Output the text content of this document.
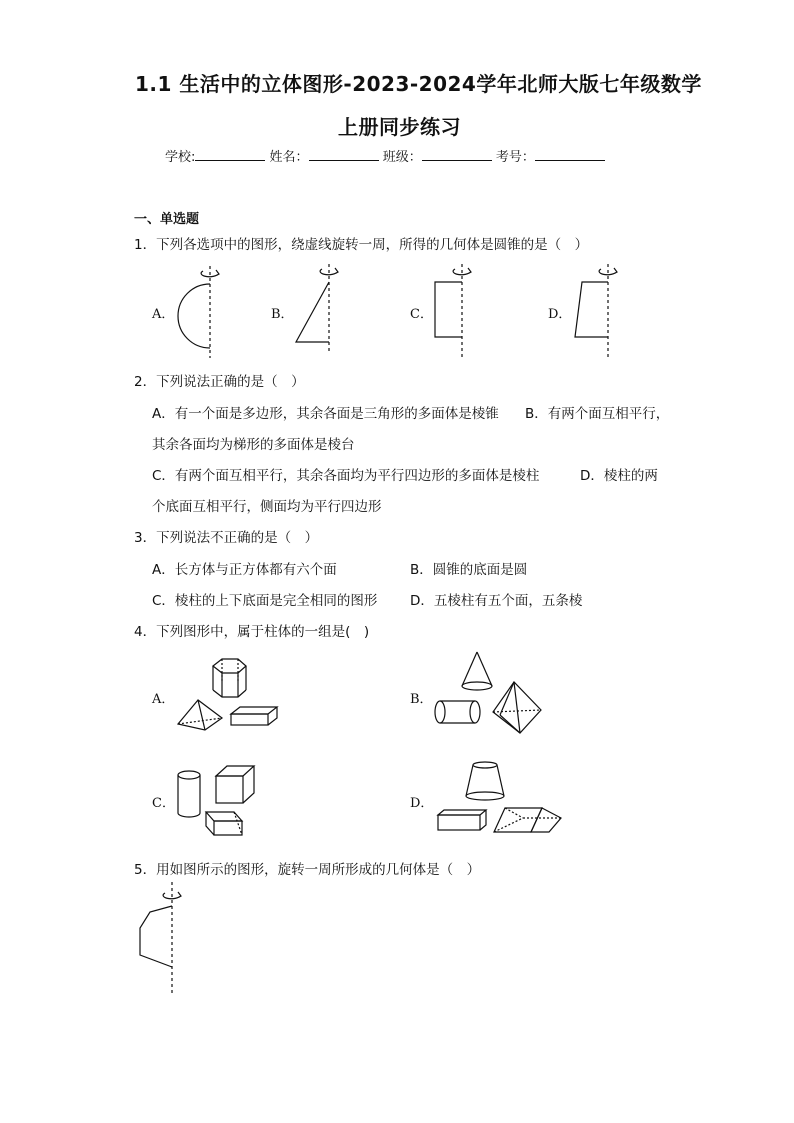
1.1 生活中的立体图形-2023-2024学年北师大版七年级数学
上册同步练习
学校:	姓名：	班级：	考号：
一、单选题
1．下列各选项中的图形，绕虚线旋转一周，所得的几何体是圆锥的是（　）
A．	B．	C．	D．
2．下列说法正确的是（　）
A．有一个面是多边形，其余各面是三角形的多面体是棱锥 B．有两个面互相平行，
其余各面均为梯形的多面体是棱台
C．有两个面互相平行，其余各面均为平行四边形的多面体是棱柱	D．棱柱的两
个底面互相平行，侧面均为平行四边形
3．下列说法不正确的是（　）
A．长方体与正方体都有六个面	B．圆锥的底面是圆
C．棱柱的上下底面是完全相同的图形 D．五棱柱有五个面，五条棱
4．下列图形中，属于柱体的一组是(　)
A．	B．
C．	D．
5．用如图所示的图形，旋转一周所形成的几何体是（　）
